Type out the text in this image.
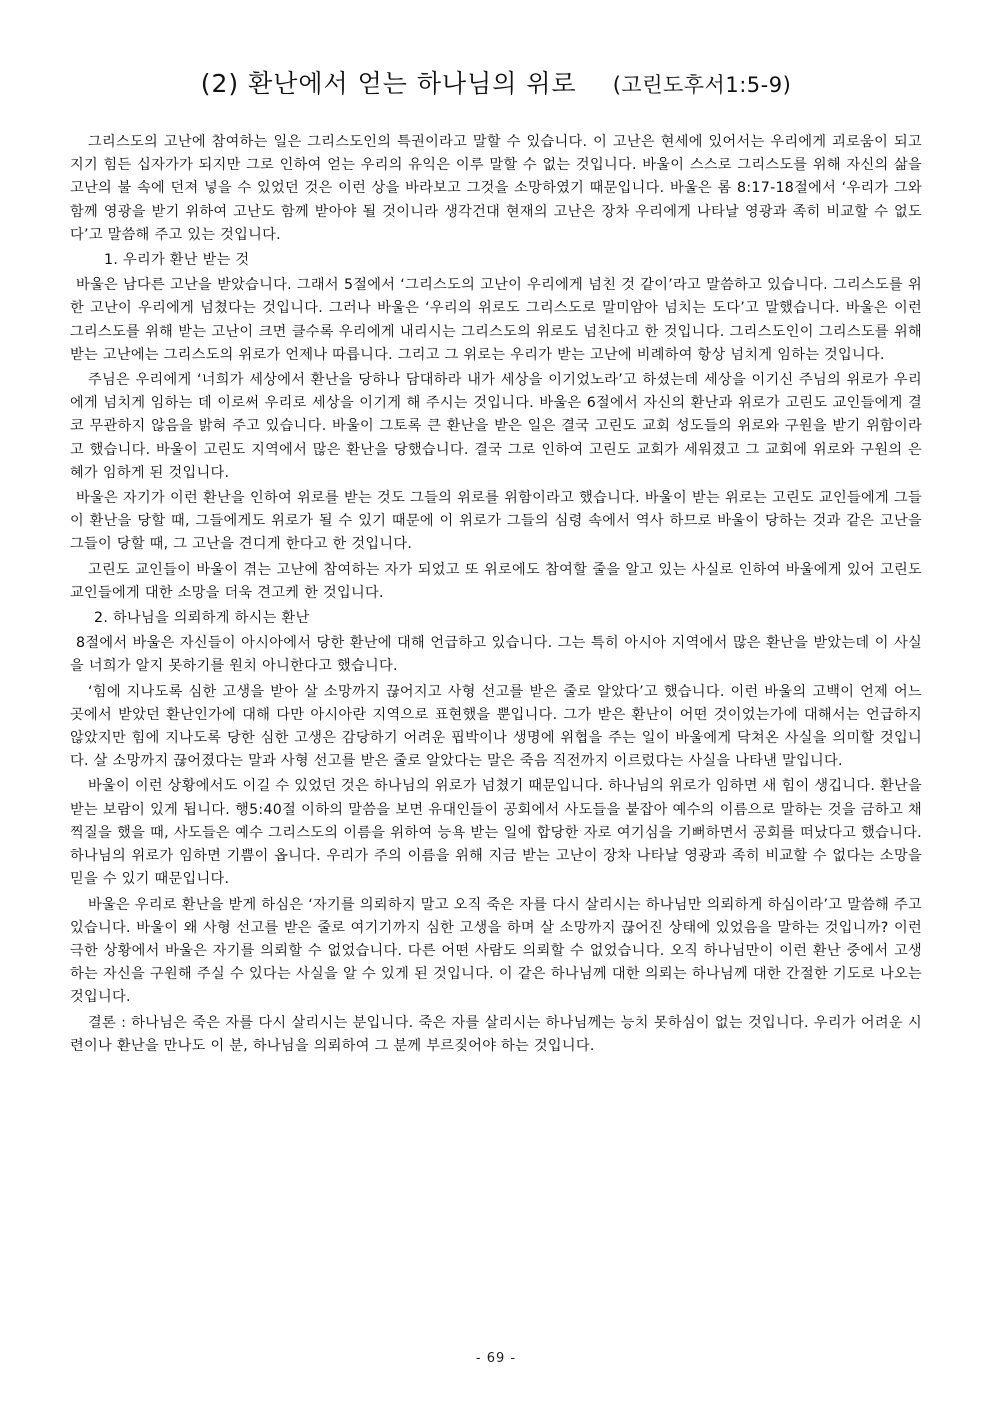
(2) 환난에서 얻는 하나님의 위로 (고린도후서1:5-9)

그리스도의 고난에 참여하는 일은 그리스도인의 특권이라고 말할 수 있습니다. 이 고난은 현세에 있어서는 우리에게 괴로움이 되고 지기 힘든 십자가가 되지만 그로 인하여 얻는 우리의 유익은 이루 말할 수 없는 것입니다. 바울이 스스로 그리스도를 위해 자신의 삶을 고난의 불 속에 던져 넣을 수 있었던 것은 이런 상을 바라보고 그것을 소망하였기 때문입니다. 바울은 롬 8:17-18절에서 ‘우리가 그와 함께 영광을 받기 위하여 고난도 함께 받아야 될 것이니라 생각건대 현재의 고난은 장차 우리에게 나타날 영광과 족히 비교할 수 없도다’고 말씀해 주고 있는 것입니다.

1. 우리가 환난 받는 것

바울은 남다른 고난을 받았습니다. 그래서 5절에서 ‘그리스도의 고난이 우리에게 넘친 것 같이’라고 말씀하고 있습니다. 그리스도를 위한 고난이 우리에게 넘쳤다는 것입니다. 그러나 바울은 ‘우리의 위로도 그리스도로 말미암아 넘치는 도다’고 말했습니다. 바울은 이런 그리스도를 위해 받는 고난이 크면 클수록 우리에게 내리시는 그리스도의 위로도 넘친다고 한 것입니다. 그리스도인이 그리스도를 위해 받는 고난에는 그리스도의 위로가 언제나 따릅니다. 그리고 그 위로는 우리가 받는 고난에 비례하여 항상 넘치게 임하는 것입니다.

주님은 우리에게 ‘너희가 세상에서 환난을 당하나 담대하라 내가 세상을 이기었노라’고 하셨는데 세상을 이기신 주님의 위로가 우리에게 넘치게 임하는 데 이로써 우리로 세상을 이기게 해 주시는 것입니다. 바울은 6절에서 자신의 환난과 위로가 고린도 교인들에게 결코 무관하지 않음을 밝혀 주고 있습니다. 바울이 그토록 큰 환난을 받은 일은 결국 고린도 교회 성도들의 위로와 구원을 받기 위함이라고 했습니다. 바울이 고린도 지역에서 많은 환난을 당했습니다. 결국 그로 인하여 고린도 교회가 세워졌고 그 교회에 위로와 구원의 은혜가 임하게 된 것입니다.

바울은 자기가 이런 환난을 인하여 위로를 받는 것도 그들의 위로를 위함이라고 했습니다. 바울이 받는 위로는 고린도 교인들에게 그들이 환난을 당할 때, 그들에게도 위로가 될 수 있기 때문에 이 위로가 그들의 심령 속에서 역사 하므로 바울이 당하는 것과 같은 고난을 그들이 당할 때, 그 고난을 견디게 한다고 한 것입니다.

고린도 교인들이 바울이 겪는 고난에 참여하는 자가 되었고 또 위로에도 참여할 줄을 알고 있는 사실로 인하여 바울에게 있어 고린도 교인들에게 대한 소망을 더욱 견고케 한 것입니다.

2. 하나님을 의뢰하게 하시는 환난

8절에서 바울은 자신들이 아시아에서 당한 환난에 대해 언급하고 있습니다. 그는 특히 아시아 지역에서 많은 환난을 받았는데 이 사실을 너희가 알지 못하기를 원치 아니한다고 했습니다.

‘힘에 지나도록 심한 고생을 받아 살 소망까지 끊어지고 사형 선고를 받은 줄로 알았다’고 했습니다. 이런 바울의 고백이 언제 어느 곳에서 받았던 환난인가에 대해 다만 아시아란 지역으로 표현했을 뿐입니다. 그가 받은 환난이 어떤 것이었는가에 대해서는 언급하지 않았지만 힘에 지나도록 당한 심한 고생은 감당하기 어려운 핍박이나 생명에 위협을 주는 일이 바울에게 닥쳐온 사실을 의미할 것입니다. 살 소망까지 끊어졌다는 말과 사형 선고를 받은 줄로 알았다는 말은 죽음 직전까지 이르렀다는 사실을 나타낸 말입니다.

바울이 이런 상황에서도 이길 수 있었던 것은 하나님의 위로가 넘쳤기 때문입니다. 하나님의 위로가 임하면 새 힘이 생깁니다. 환난을 받는 보람이 있게 됩니다. 행5:40절 이하의 말씀을 보면 유대인들이 공회에서 사도들을 붙잡아 예수의 이름으로 말하는 것을 금하고 채찍질을 했을 때, 사도들은 예수 그리스도의 이름을 위하여 능욕 받는 일에 합당한 자로 여기심을 기뻐하면서 공회를 떠났다고 했습니다. 하나님의 위로가 임하면 기쁨이 옵니다. 우리가 주의 이름을 위해 지금 받는 고난이 장차 나타날 영광과 족히 비교할 수 없다는 소망을 믿을 수 있기 때문입니다.

바울은 우리로 환난을 받게 하심은 ‘자기를 의뢰하지 말고 오직 죽은 자를 다시 살리시는 하나님만 의뢰하게 하심이라’고 말씀해 주고 있습니다. 바울이 왜 사형 선고를 받은 줄로 여기기까지 심한 고생을 하며 살 소망까지 끊어진 상태에 있었음을 말하는 것입니까? 이런 극한 상황에서 바울은 자기를 의뢰할 수 없었습니다. 다른 어떤 사람도 의뢰할 수 없었습니다. 오직 하나님만이 이런 환난 중에서 고생하는 자신을 구원해 주실 수 있다는 사실을 알 수 있게 된 것입니다. 이 같은 하나님께 대한 의뢰는 하나님께 대한 간절한 기도로 나오는 것입니다.

결론 : 하나님은 죽은 자를 다시 살리시는 분입니다. 죽은 자를 살리시는 하나님께는 능치 못하심이 없는 것입니다. 우리가 어려운 시련이나 환난을 만나도 이 분, 하나님을 의뢰하여 그 분께 부르짖어야 하는 것입니다.

- 69 -
